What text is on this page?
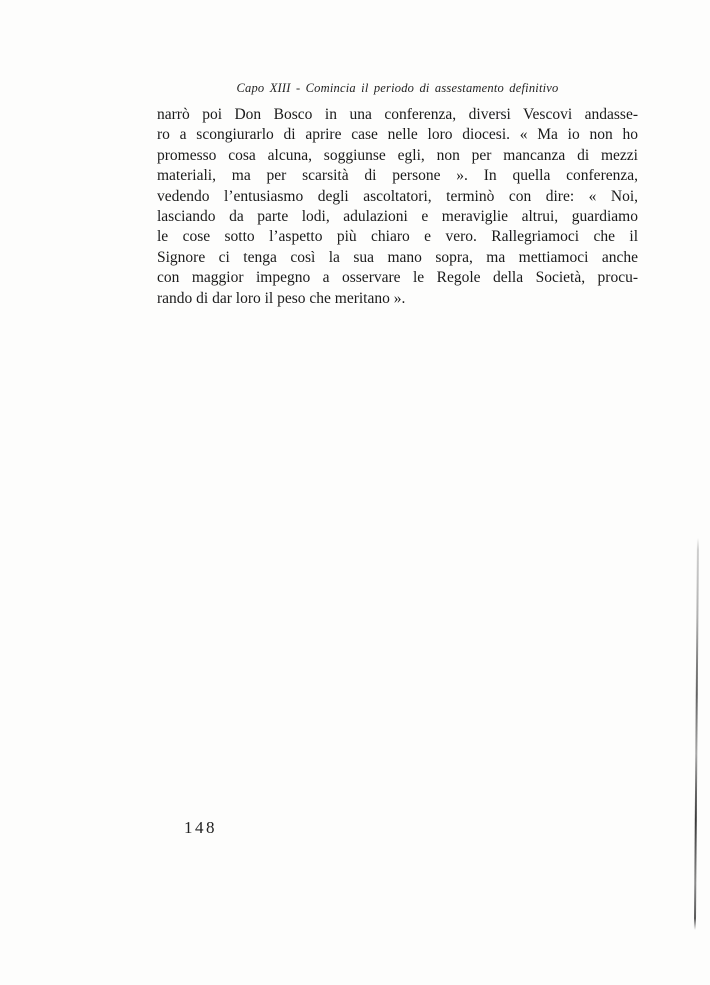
Capo XIII - Comincia il periodo di assestamento definitivo
narrò poi Don Bosco in una conferenza, diversi Vescovi andasse-
ro a scongiurarlo di aprire case nelle loro diocesi. « Ma io non ho
promesso cosa alcuna, soggiunse egli, non per mancanza di mezzi
materiali, ma per scarsità di persone ». In quella conferenza,
vedendo l’entusiasmo degli ascoltatori, terminò con dire: « Noi,
lasciando da parte lodi, adulazioni e meraviglie altrui, guardiamo
le cose sotto l’aspetto più chiaro e vero. Rallegriamoci che il
Signore ci tenga così la sua mano sopra, ma mettiamoci anche
con maggior impegno a osservare le Regole della Società, procu-
rando di dar loro il peso che meritano ».
148
